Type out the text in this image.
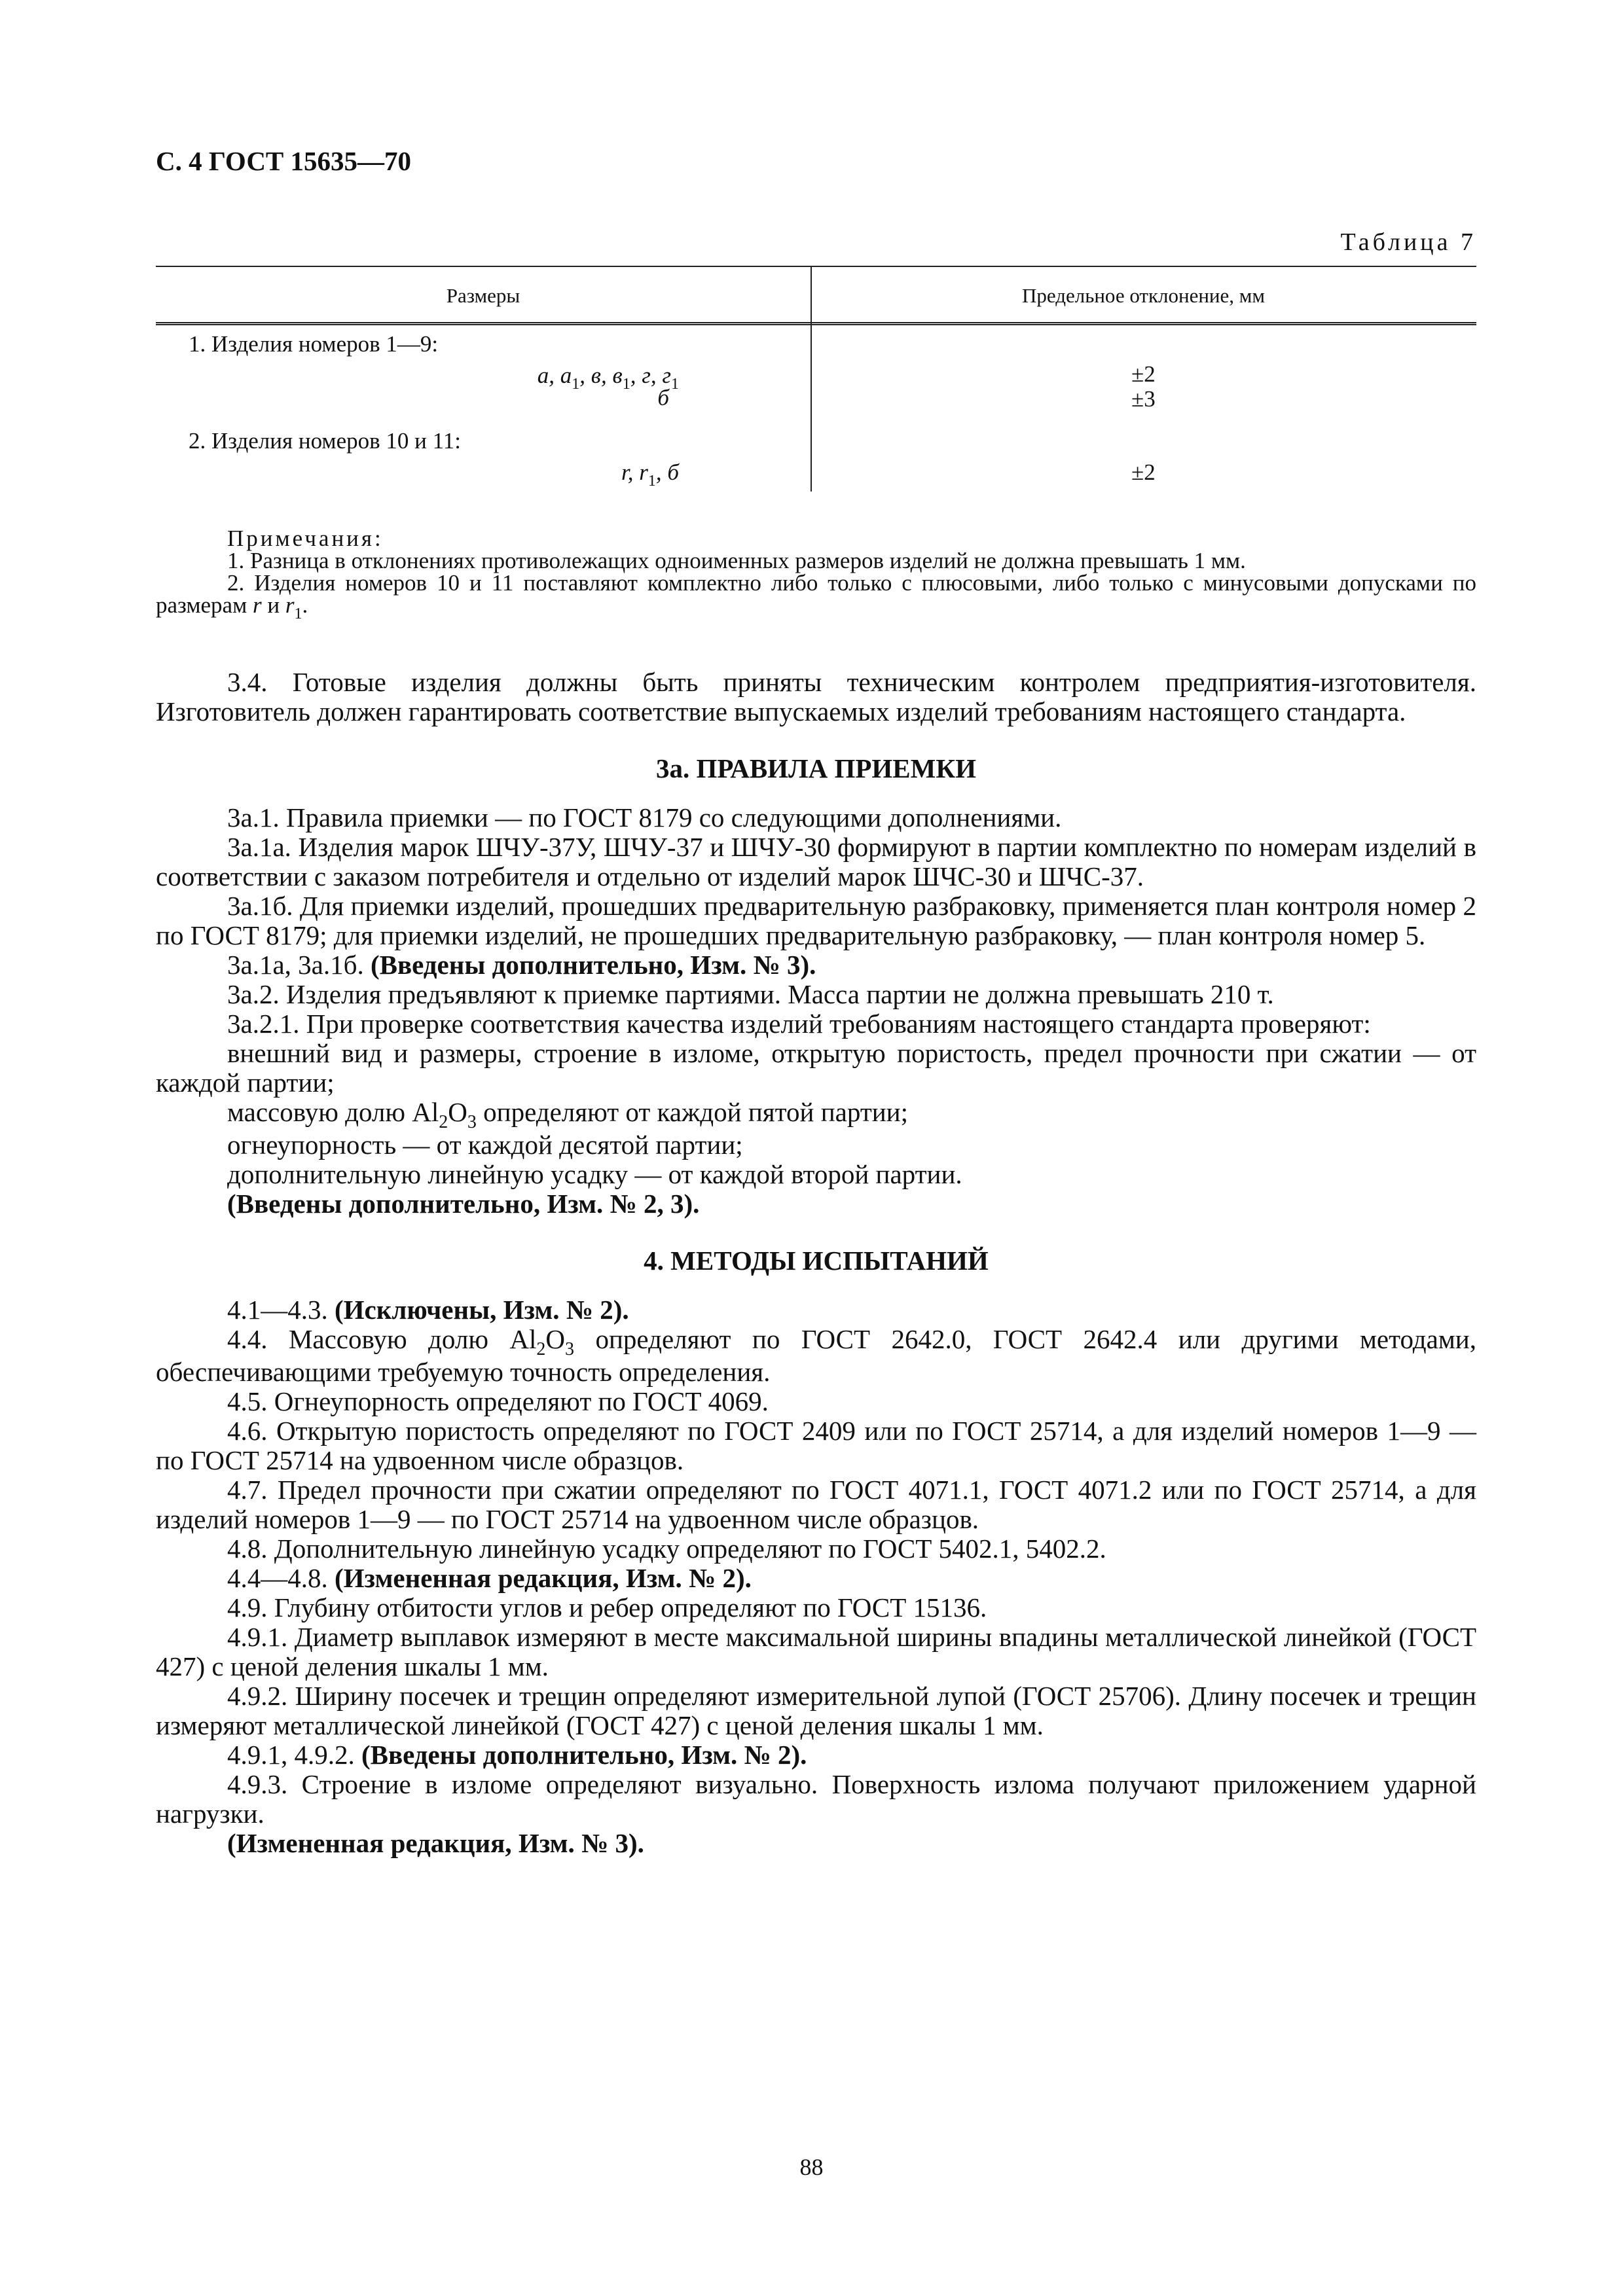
С. 4 ГОСТ 15635—70
Таблица 7
Размеры	Предельное отклонение, мм
1. Изделия номеров 1—9:
а, $а_1$, в, $в_1$, г, $г_1$	±2
б	±3
2. Изделия номеров 10 и 11:
r, $r_1$, б	±2

Примечания:

1. Разница в отклонениях противолежащих одноименных размеров изделий не должна превышать 1 мм.

2. Изделия номеров 10 и 11 поставляют комплектно либо только с плюсовыми, либо только с минусовыми допусками по размерам r и $r_1$.

3.4. Готовые изделия должны быть приняты техническим контролем предприятия-изготовителя. Изготовитель должен гарантировать соответствие выпускаемых изделий требованиям настоящего стандарта.

3а. ПРАВИЛА ПРИЕМКИ

3а.1. Правила приемки — по ГОСТ 8179 со следующими дополнениями.

3а.1а. Изделия марок ШЧУ-37У, ШЧУ-37 и ШЧУ-30 формируют в партии комплектно по номерам изделий в соответствии с заказом потребителя и отдельно от изделий марок ШЧС-30 и ШЧС-37.

3а.1б. Для приемки изделий, прошедших предварительную разбраковку, применяется план контроля номер 2 по ГОСТ 8179; для приемки изделий, не прошедших предварительную разбраковку, — план контроля номер 5.

3а.1а, 3а.1б. (Введены дополнительно, Изм. № 3).

3а.2. Изделия предъявляют к приемке партиями. Масса партии не должна превышать 210 т.

3а.2.1. При проверке соответствия качества изделий требованиям настоящего стандарта проверяют:

внешний вид и размеры, строение в изломе, открытую пористость, предел прочности при сжатии — от каждой партии;

массовую долю $Al_2O_3$ определяют от каждой пятой партии;

огнеупорность — от каждой десятой партии;

дополнительную линейную усадку — от каждой второй партии.

(Введены дополнительно, Изм. № 2, 3).

4. МЕТОДЫ ИСПЫТАНИЙ

4.1—4.3. (Исключены, Изм. № 2).

4.4. Массовую долю $Al_2O_3$ определяют по ГОСТ 2642.0, ГОСТ 2642.4 или другими методами, обеспечивающими требуемую точность определения.

4.5. Огнеупорность определяют по ГОСТ 4069.

4.6. Открытую пористость определяют по ГОСТ 2409 или по ГОСТ 25714, а для изделий номеров 1—9 — по ГОСТ 25714 на удвоенном числе образцов.

4.7. Предел прочности при сжатии определяют по ГОСТ 4071.1, ГОСТ 4071.2 или по ГОСТ 25714, а для изделий номеров 1—9 — по ГОСТ 25714 на удвоенном числе образцов.

4.8. Дополнительную линейную усадку определяют по ГОСТ 5402.1, 5402.2.

4.4—4.8. (Измененная редакция, Изм. № 2).

4.9. Глубину отбитости углов и ребер определяют по ГОСТ 15136.

4.9.1. Диаметр выплавок измеряют в месте максимальной ширины впадины металлической линейкой (ГОСТ 427) с ценой деления шкалы 1 мм.

4.9.2. Ширину посечек и трещин определяют измерительной лупой (ГОСТ 25706). Длину посечек и трещин измеряют металлической линейкой (ГОСТ 427) с ценой деления шкалы 1 мм.

4.9.1, 4.9.2. (Введены дополнительно, Изм. № 2).

4.9.3. Строение в изломе определяют визуально. Поверхность излома получают приложением ударной нагрузки.

(Измененная редакция, Изм. № 3).

88
